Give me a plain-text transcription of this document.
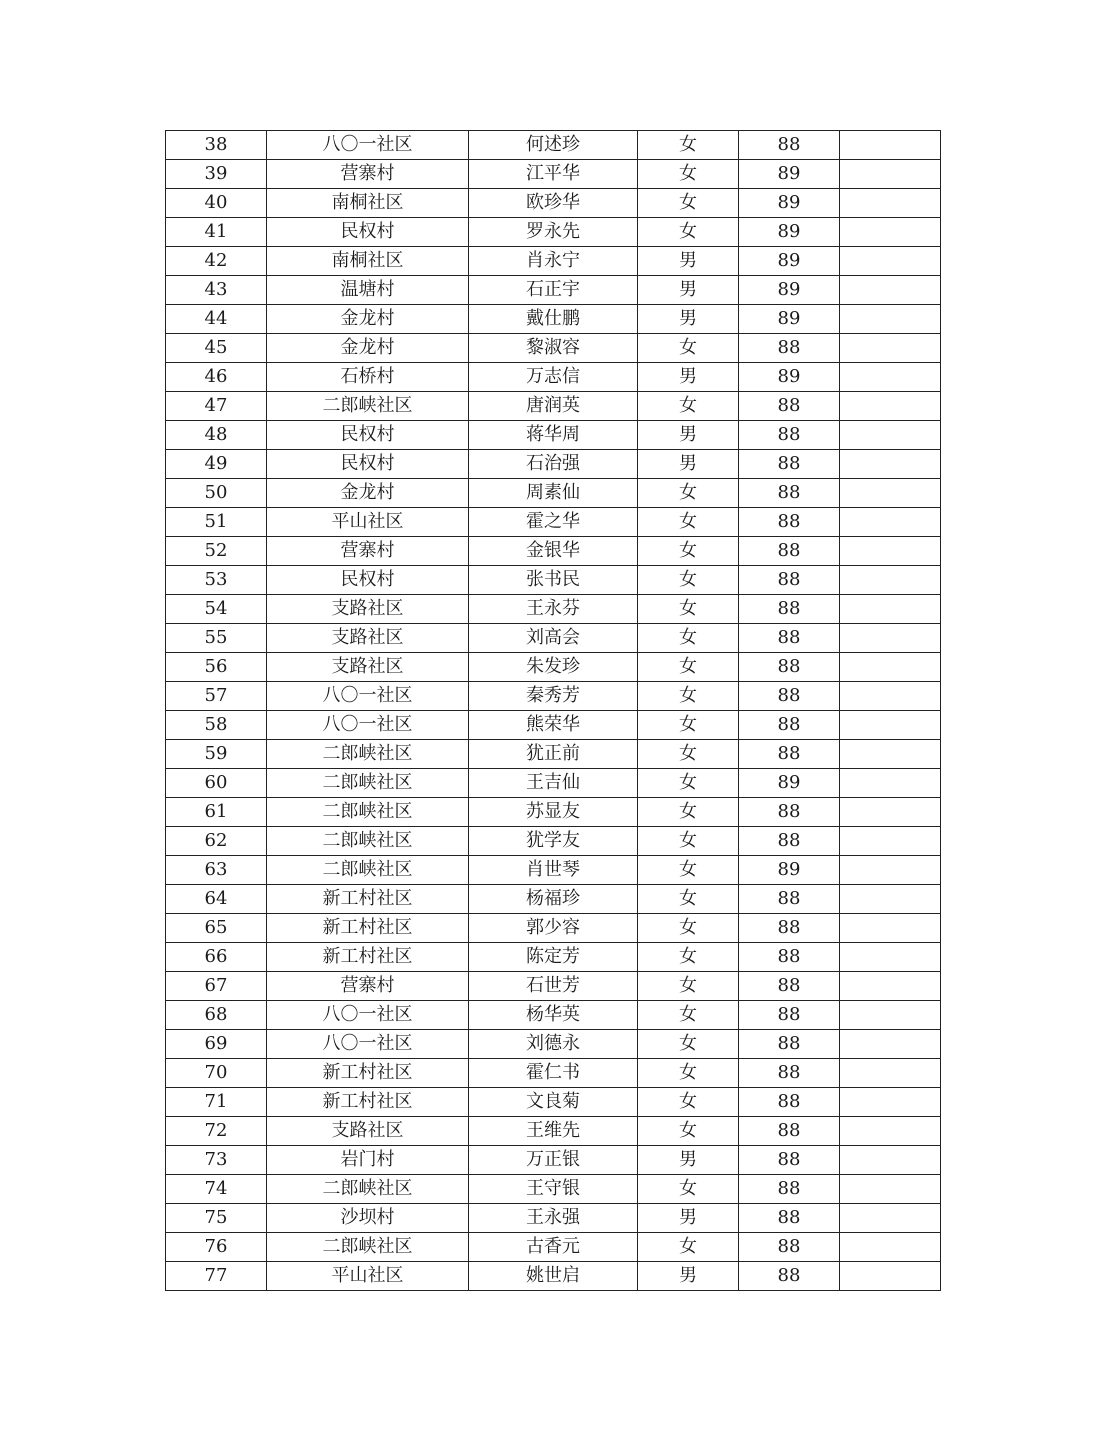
38	八〇一社区	何述珍	女	88	
39	营寨村	江平华	女	89	
40	南桐社区	欧珍华	女	89	
41	民权村	罗永先	女	89	
42	南桐社区	肖永宁	男	89	
43	温塘村	石正宇	男	89	
44	金龙村	戴仕鹏	男	89	
45	金龙村	黎淑容	女	88	
46	石桥村	万志信	男	89	
47	二郎峡社区	唐润英	女	88	
48	民权村	蒋华周	男	88	
49	民权村	石治强	男	88	
50	金龙村	周素仙	女	88	
51	平山社区	霍之华	女	88	
52	营寨村	金银华	女	88	
53	民权村	张书民	女	88	
54	支路社区	王永芬	女	88	
55	支路社区	刘高会	女	88	
56	支路社区	朱发珍	女	88	
57	八〇一社区	秦秀芳	女	88	
58	八〇一社区	熊荣华	女	88	
59	二郎峡社区	犹正前	女	88	
60	二郎峡社区	王吉仙	女	89	
61	二郎峡社区	苏显友	女	88	
62	二郎峡社区	犹学友	女	88	
63	二郎峡社区	肖世琴	女	89	
64	新工村社区	杨福珍	女	88	
65	新工村社区	郭少容	女	88	
66	新工村社区	陈定芳	女	88	
67	营寨村	石世芳	女	88	
68	八〇一社区	杨华英	女	88	
69	八〇一社区	刘德永	女	88	
70	新工村社区	霍仁书	女	88	
71	新工村社区	文良菊	女	88	
72	支路社区	王维先	女	88	
73	岩门村	万正银	男	88	
74	二郎峡社区	王守银	女	88	
75	沙坝村	王永强	男	88	
76	二郎峡社区	古香元	女	88	
77	平山社区	姚世启	男	88	
